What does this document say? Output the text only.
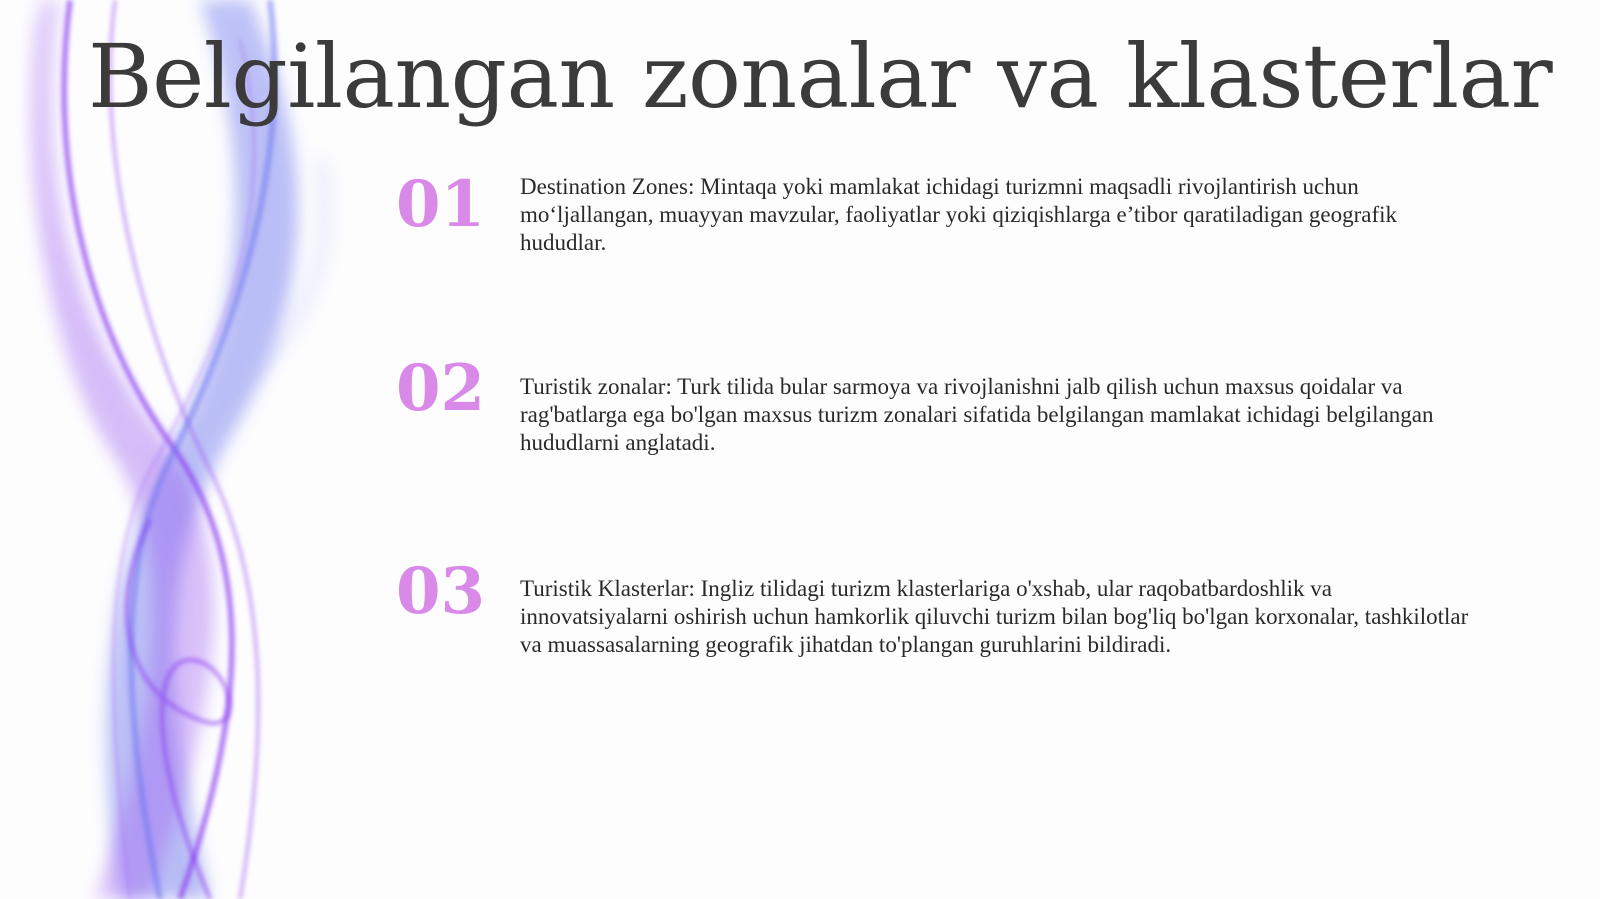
Belgilangan zonalar va klasterlar
01	Destination Zones: Mintaqa yoki mamlakat ichidagi turizmni maqsadli rivojlantirish uchun mo‘ljallangan, muayyan mavzular, faoliyatlar yoki qiziqishlarga e’tibor qaratiladigan geografik hududlar.

02	Turistik zonalar: Turk tilida bular sarmoya va rivojlanishni jalb qilish uchun maxsus qoidalar va rag'batlarga ega bo'lgan maxsus turizm zonalari sifatida belgilangan mamlakat ichidagi belgilangan hududlarni anglatadi.

03	Turistik Klasterlar: Ingliz tilidagi turizm klasterlariga o'xshab, ular raqobatbardoshlik va innovatsiyalarni oshirish uchun hamkorlik qiluvchi turizm bilan bog'liq bo'lgan korxonalar, tashkilotlar va muassasalarning geografik jihatdan to'plangan guruhlarini bildiradi.
